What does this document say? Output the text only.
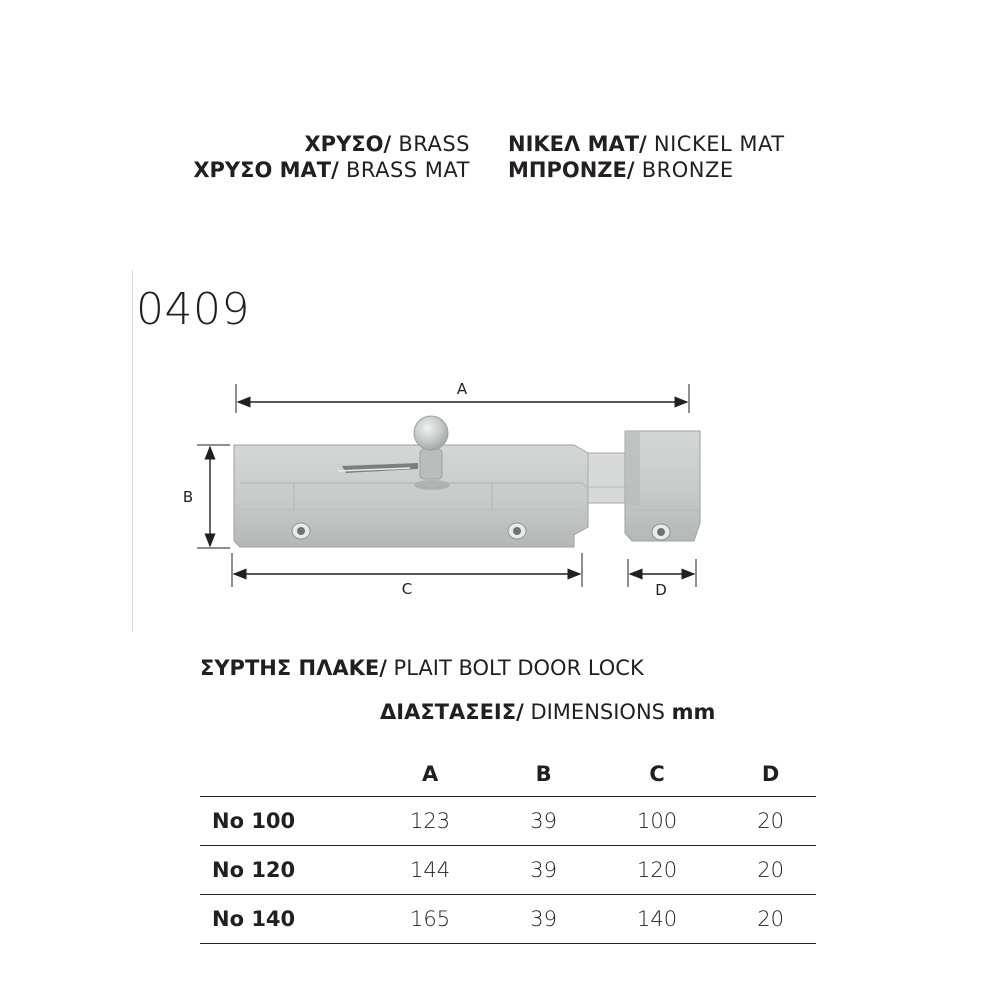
ΧΡΥΣΟ/ BRASS
ΧΡΥΣΟ ΜΑΤ/ BRASS MAT
ΝΙΚΕΛ ΜΑΤ/ NICKEL MAT
ΜΠΡΟΝΖΕ/ BRONZE
0409
A
B
C	D
ΣΥΡΤΗΣ ΠΛΑΚΕ/ PLAIT BOLT DOOR LOCK
ΔΙΑΣΤΑΣΕΙΣ/ DIMENSIONS mm
	A	B	C	D
No 100	123	39	100	20
No 120	144	39	120	20
No 140	165	39	140	20
